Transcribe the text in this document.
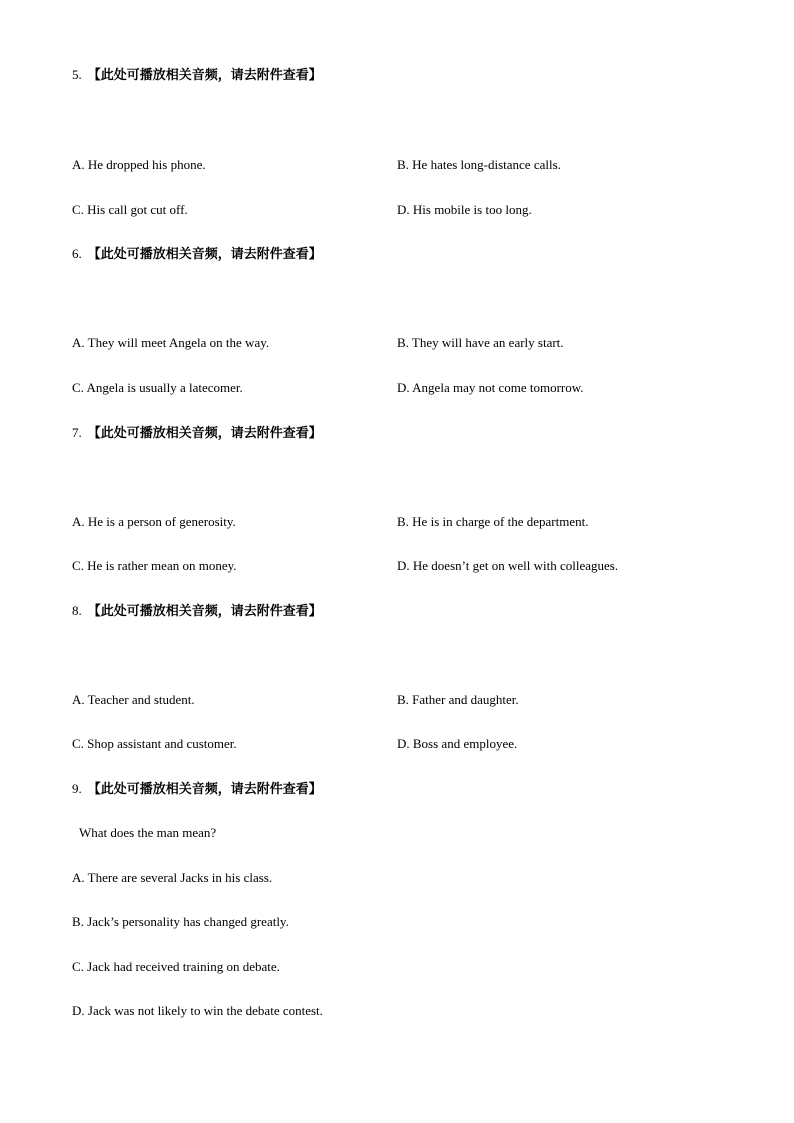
5. 【此处可播放相关音频，请去附件查看】
A. He dropped his phone.	B. He hates long-distance calls.
C. His call got cut off.	D. His mobile is too long.
6. 【此处可播放相关音频，请去附件查看】
A. They will meet Angela on the way.	B. They will have an early start.
C. Angela is usually a latecomer.	D. Angela may not come tomorrow.
7. 【此处可播放相关音频，请去附件查看】
A. He is a person of generosity.	B. He is in charge of the department.
C. He is rather mean on money.	D. He doesn’t get on well with colleagues.
8. 【此处可播放相关音频，请去附件查看】
A. Teacher and student.	B. Father and daughter.
C. Shop assistant and customer.	D. Boss and employee.
9. 【此处可播放相关音频，请去附件查看】
What does the man mean?
A. There are several Jacks in his class.
B. Jack’s personality has changed greatly.
C. Jack had received training on debate.
D. Jack was not likely to win the debate contest.
